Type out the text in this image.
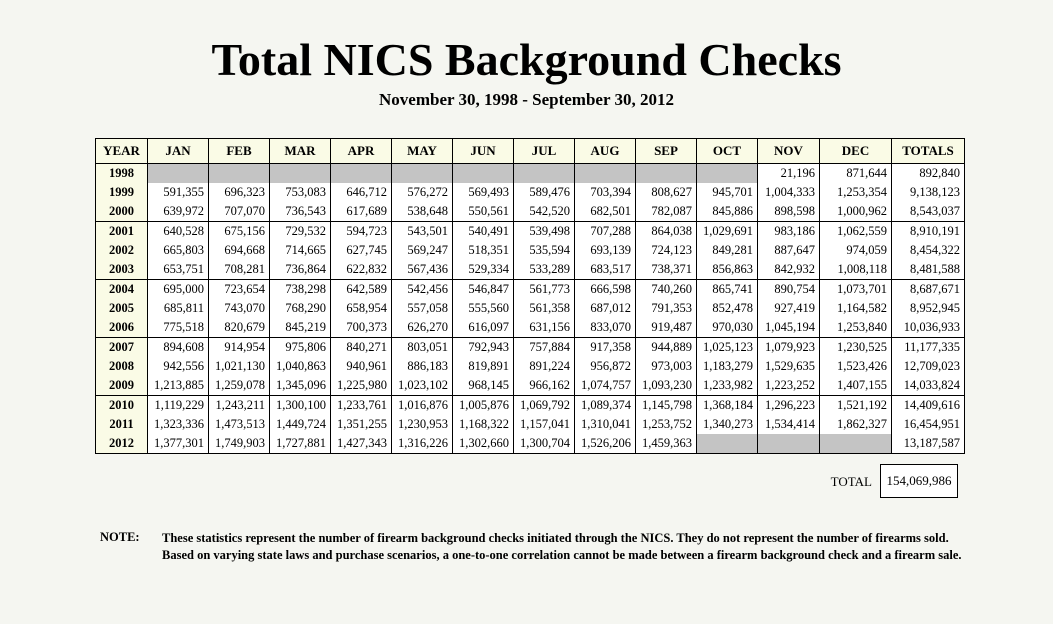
Total NICS Background Checks
November 30, 1998 - September 30, 2012
YEAR	JAN	FEB	MAR	APR	MAY	JUN	JUL	AUG	SEP	OCT	NOV	DEC	TOTALS
1998											21,196	871,644	892,840
1999	591,355	696,323	753,083	646,712	576,272	569,493	589,476	703,394	808,627	945,701	1,004,333	1,253,354	9,138,123
2000	639,972	707,070	736,543	617,689	538,648	550,561	542,520	682,501	782,087	845,886	898,598	1,000,962	8,543,037
2001	640,528	675,156	729,532	594,723	543,501	540,491	539,498	707,288	864,038	1,029,691	983,186	1,062,559	8,910,191
2002	665,803	694,668	714,665	627,745	569,247	518,351	535,594	693,139	724,123	849,281	887,647	974,059	8,454,322
2003	653,751	708,281	736,864	622,832	567,436	529,334	533,289	683,517	738,371	856,863	842,932	1,008,118	8,481,588
2004	695,000	723,654	738,298	642,589	542,456	546,847	561,773	666,598	740,260	865,741	890,754	1,073,701	8,687,671
2005	685,811	743,070	768,290	658,954	557,058	555,560	561,358	687,012	791,353	852,478	927,419	1,164,582	8,952,945
2006	775,518	820,679	845,219	700,373	626,270	616,097	631,156	833,070	919,487	970,030	1,045,194	1,253,840	10,036,933
2007	894,608	914,954	975,806	840,271	803,051	792,943	757,884	917,358	944,889	1,025,123	1,079,923	1,230,525	11,177,335
2008	942,556	1,021,130	1,040,863	940,961	886,183	819,891	891,224	956,872	973,003	1,183,279	1,529,635	1,523,426	12,709,023
2009	1,213,885	1,259,078	1,345,096	1,225,980	1,023,102	968,145	966,162	1,074,757	1,093,230	1,233,982	1,223,252	1,407,155	14,033,824
2010	1,119,229	1,243,211	1,300,100	1,233,761	1,016,876	1,005,876	1,069,792	1,089,374	1,145,798	1,368,184	1,296,223	1,521,192	14,409,616
2011	1,323,336	1,473,513	1,449,724	1,351,255	1,230,953	1,168,322	1,157,041	1,310,041	1,253,752	1,340,273	1,534,414	1,862,327	16,454,951
2012	1,377,301	1,749,903	1,727,881	1,427,343	1,316,226	1,302,660	1,300,704	1,526,206	1,459,363				13,187,587
TOTAL	154,069,986
NOTE: These statistics represent the number of firearm background checks initiated through the NICS. They do not represent the number of firearms sold. Based on varying state laws and purchase scenarios, a one-to-one correlation cannot be made between a firearm background check and a firearm sale.
